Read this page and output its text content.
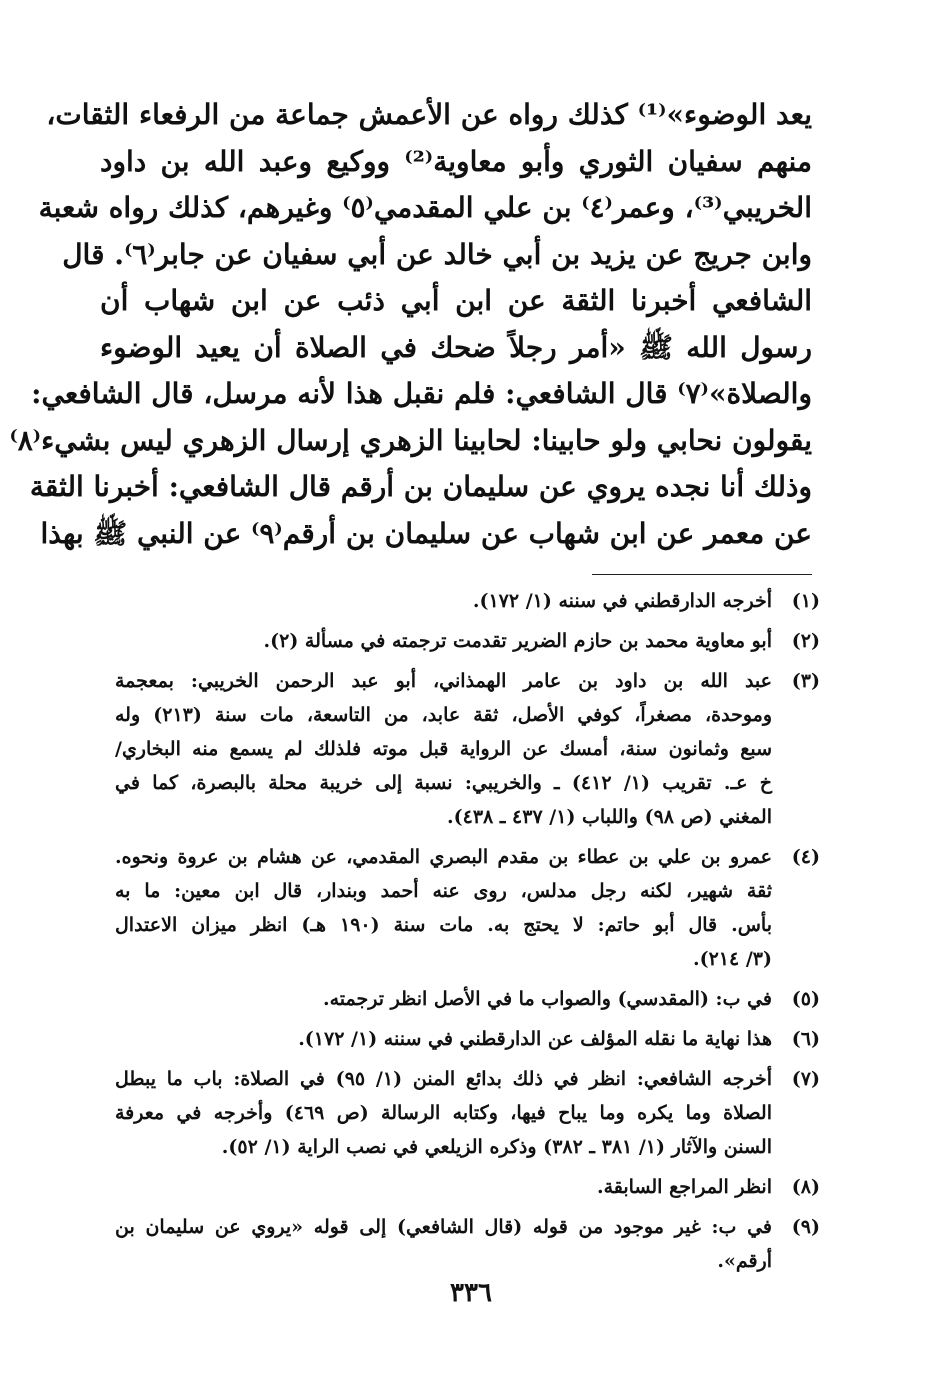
يعد الوضوء»⁽¹⁾ كذلك رواه عن الأعمش جماعة من الرفعاء الثقات،
منهم سفيان الثوري وأبو معاوية⁽²⁾ ووكيع وعبد الله بن داود
الخريبي⁽³⁾، وعمر⁽٤⁾ بن علي المقدمي⁽٥⁾ وغيرهم، كذلك رواه شعبة
وابن جريج عن يزيد بن أبي خالد عن أبي سفيان عن جابر⁽٦⁾. قال
الشافعي أخبرنا الثقة عن ابن أبي ذئب عن ابن شهاب أن
رسول الله ﷺ «أمر رجلاً ضحك في الصلاة أن يعيد الوضوء
والصلاة»⁽٧⁾ قال الشافعي: فلم نقبل هذا لأنه مرسل، قال الشافعي:
يقولون نحابي ولو حابينا: لحابينا الزهري إرسال الزهري ليس بشيء⁽٨⁾
وذلك أنا نجده يروي عن سليمان بن أرقم قال الشافعي: أخبرنا الثقة
عن معمر عن ابن شهاب عن سليمان بن أرقم⁽٩⁾ عن النبي ﷺ بهذا
(١)
أخرجه الدارقطني في سننه (١/ ١٧٢).
(٢)
أبو معاوية محمد بن حازم الضرير تقدمت ترجمته في مسألة (٢).
(٣)
عبد الله بن داود بن عامر الهمذاني، أبو عبد الرحمن الخريبي: بمعجمة
وموحدة، مصغراً، كوفي الأصل، ثقة عابد، من التاسعة، مات سنة (٢١٣) وله
سبع وثمانون سنة، أمسك عن الرواية قبل موته فلذلك لم يسمع منه البخاري/
خ عـ. تقريب (١/ ٤١٢) ـ والخريبي: نسبة إلى خريبة محلة بالبصرة، كما في
المغني (ص ٩٨) واللباب (١/ ٤٣٧ ـ ٤٣٨).
(٤)
عمرو بن علي بن عطاء بن مقدم البصري المقدمي، عن هشام بن عروة ونحوه.
ثقة شهير، لكنه رجل مدلس، روى عنه أحمد وبندار، قال ابن معين: ما به
بأس. قال أبو حاتم: لا يحتج به. مات سنة (١٩٠ هـ) انظر ميزان الاعتدال
(٣/ ٢١٤).
(٥)
في ب: (المقدسي) والصواب ما في الأصل انظر ترجمته.
(٦)
هذا نهاية ما نقله المؤلف عن الدارقطني في سننه (١/ ١٧٢).
(٧)
أخرجه الشافعي: انظر في ذلك بدائع المنن (١/ ٩٥) في الصلاة: باب ما يبطل
الصلاة وما يكره وما يباح فيها، وكتابه الرسالة (ص ٤٦٩) وأخرجه في معرفة
السنن والآثار (١/ ٣٨١ ـ ٣٨٢) وذكره الزيلعي في نصب الراية (١/ ٥٢).
(٨)
انظر المراجع السابقة.
(٩)
في ب: غير موجود من قوله (قال الشافعي) إلى قوله «يروي عن سليمان بن
أرقم».
٣٣٦
